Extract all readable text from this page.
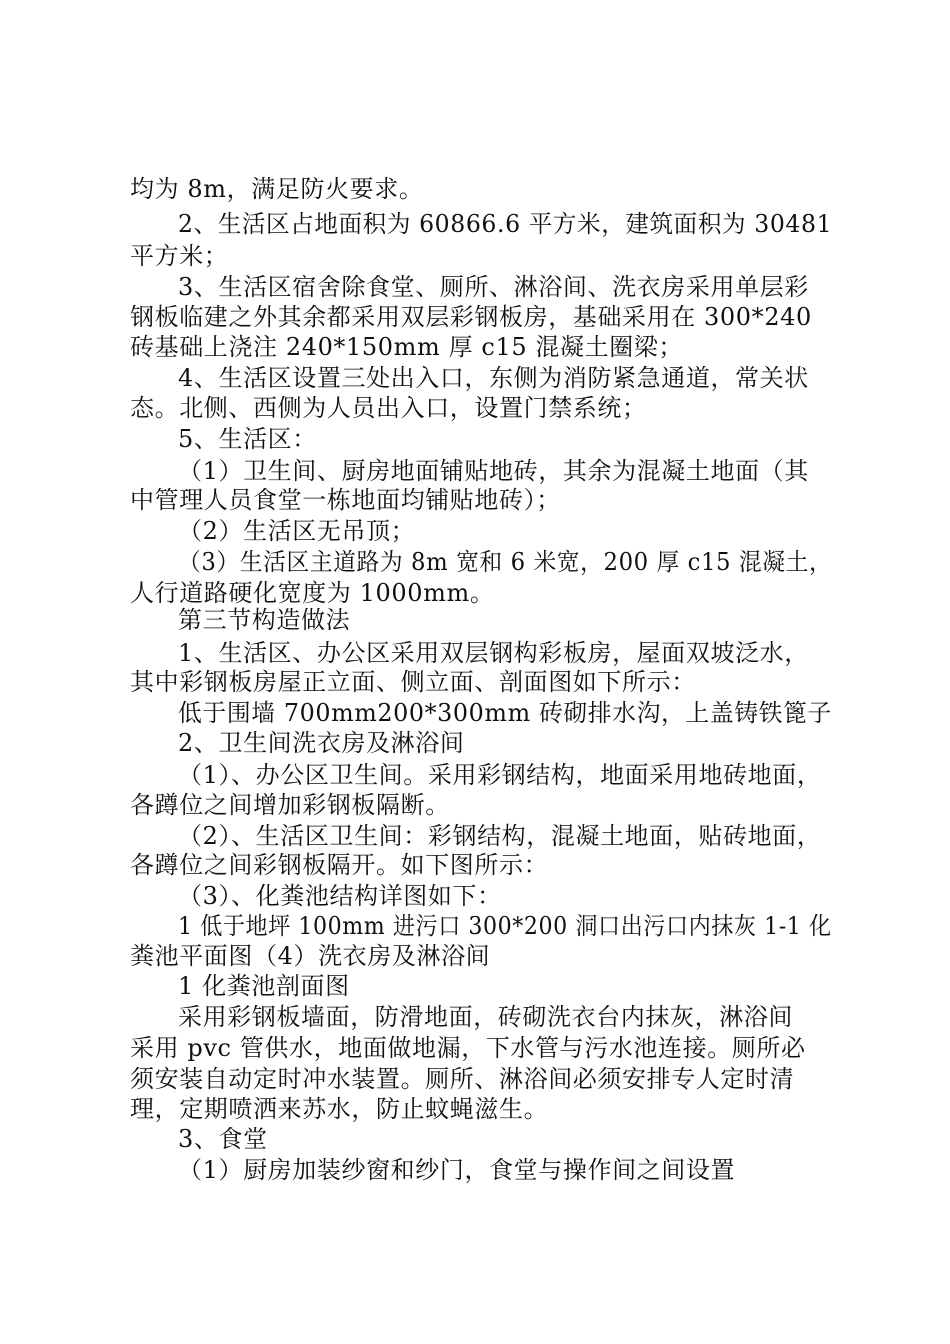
均为 8m，满足防火要求。
2、生活区占地面积为 60866.6 平方米，建筑面积为 30481
平方米；
3、生活区宿舍除食堂、厕所、淋浴间、洗衣房采用单层彩
钢板临建之外其余都采用双层彩钢板房，基础采用在 300*240
砖基础上浇注 240*150mm 厚 c15 混凝土圈梁；
4、生活区设置三处出入口，东侧为消防紧急通道，常关状
态。北侧、西侧为人员出入口，设置门禁系统；
5、生活区：
（1）卫生间、厨房地面铺贴地砖，其余为混凝土地面（其
中管理人员食堂一栋地面均铺贴地砖）；
（2）生活区无吊顶；
（3）生活区主道路为 8m 宽和 6 米宽，200 厚 c15 混凝土，
人行道路硬化宽度为 1000mm。
第三节构造做法
1、生活区、办公区采用双层钢构彩板房，屋面双坡泛水，
其中彩钢板房屋正立面、侧立面、剖面图如下所示：
低于围墙 700mm200*300mm 砖砌排水沟，上盖铸铁篦子
2、卫生间洗衣房及淋浴间
（1）、办公区卫生间。采用彩钢结构，地面采用地砖地面，
各蹲位之间增加彩钢板隔断。
（2）、生活区卫生间：彩钢结构，混凝土地面，贴砖地面，
各蹲位之间彩钢板隔开。如下图所示：
（3）、化粪池结构详图如下：
1 低于地坪 100mm 进污口 300*200 洞口出污口内抹灰 1-1 化
粪池平面图（4）洗衣房及淋浴间
1 化粪池剖面图
采用彩钢板墙面，防滑地面，砖砌洗衣台内抹灰，淋浴间
采用 pvc 管供水，地面做地漏，下水管与污水池连接。厕所必
须安装自动定时冲水装置。厕所、淋浴间必须安排专人定时清
理，定期喷洒来苏水，防止蚊蝇滋生。
3、食堂
（1）厨房加装纱窗和纱门，食堂与操作间之间设置
